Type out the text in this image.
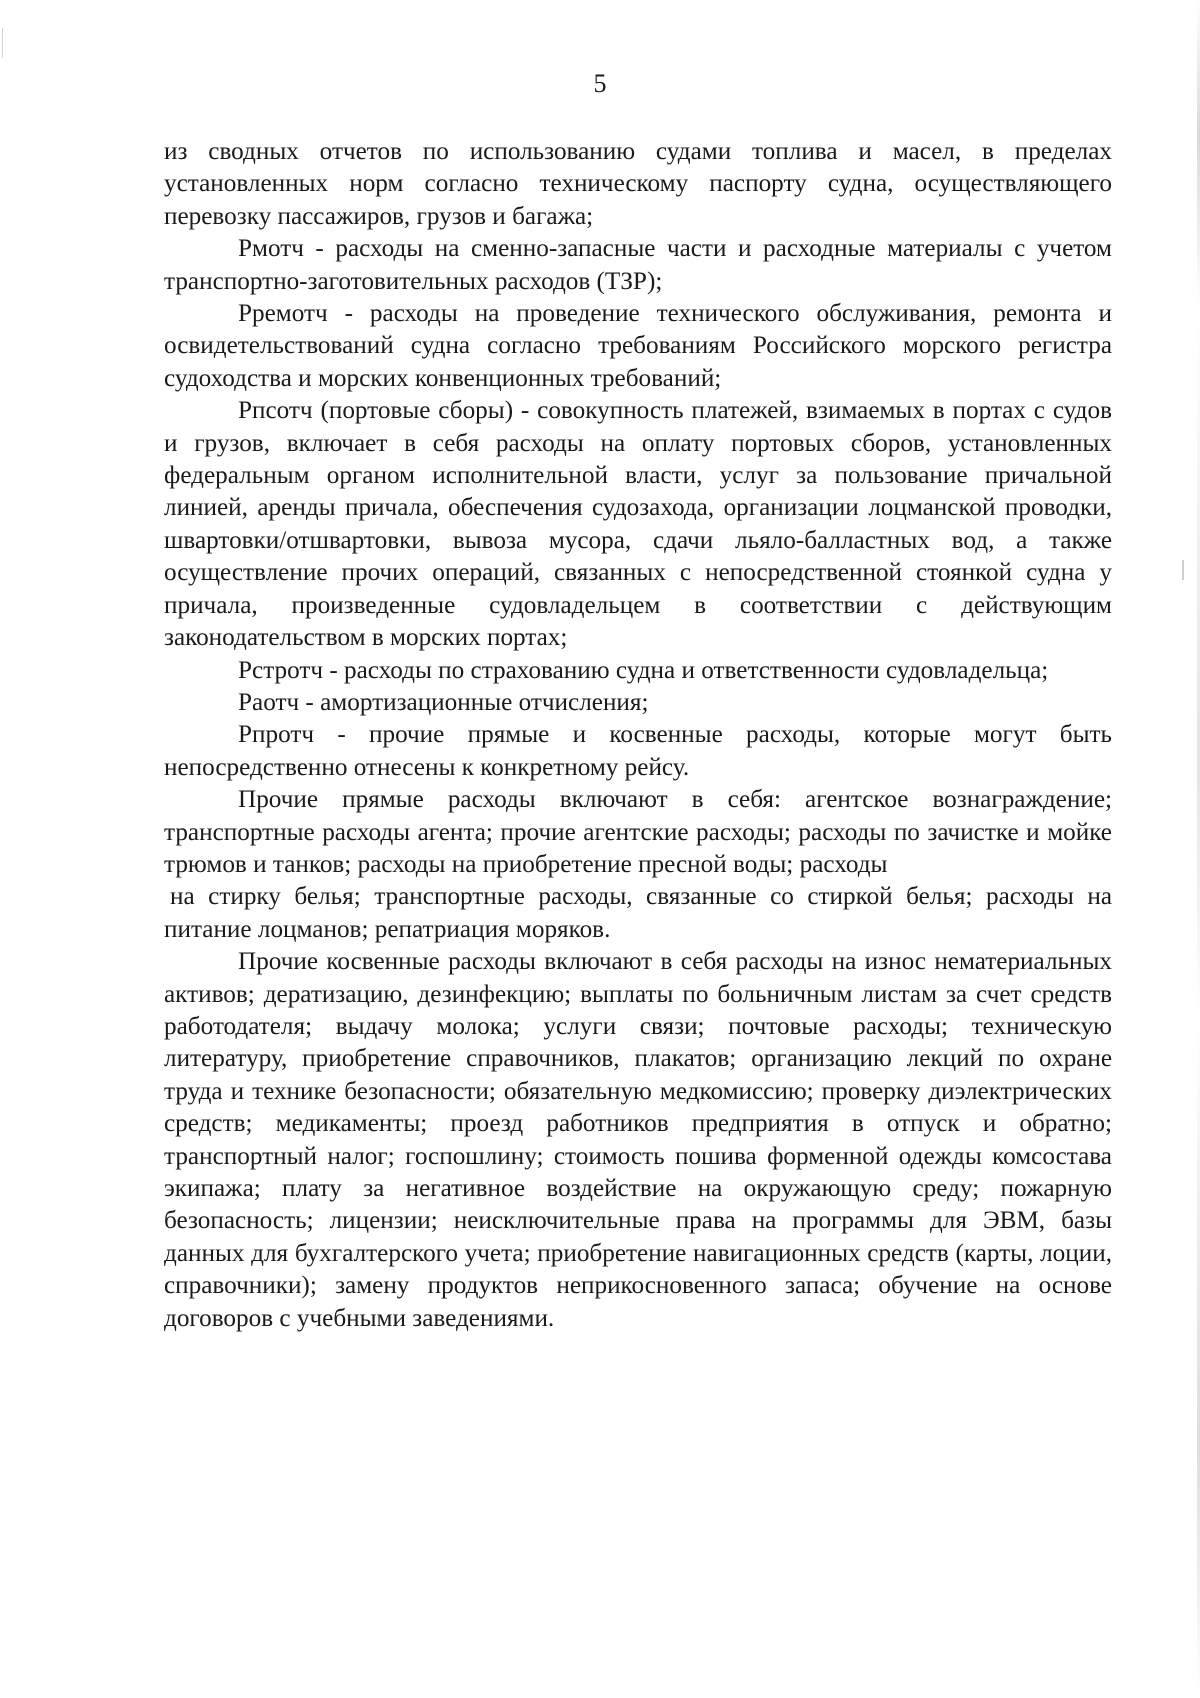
5

из сводных отчетов по использованию судами топлива и масел, в пределах установленных норм согласно техническому паспорту судна, осуществляющего перевозку пассажиров, грузов и багажа;

Рмотч - расходы на сменно-запасные части и расходные материалы с учетом транспортно-заготовительных расходов (ТЗР);

Рремотч - расходы на проведение технического обслуживания, ремонта и освидетельствований судна согласно требованиям Российского морского регистра судоходства и морских конвенционных требований;

Рпсотч (портовые сборы) - совокупность платежей, взимаемых в портах с судов и грузов, включает в себя расходы на оплату портовых сборов, установленных федеральным органом исполнительной власти, услуг за пользование причальной линией, аренды причала, обеспечения судозахода, организации лоцманской проводки, швартовки/отшвартовки, вывоза мусора, сдачи льяло-балластных вод, а также осуществление прочих операций, связанных с непосредственной стоянкой судна у причала, произведенные судовладельцем в соответствии с действующим законодательством в морских портах;

Рстротч - расходы по страхованию судна и ответственности судовладельца;

Раотч - амортизационные отчисления;

Рпротч - прочие прямые и косвенные расходы, которые могут быть непосредственно отнесены к конкретному рейсу.

Прочие прямые расходы включают в себя: агентское вознаграждение; транспортные расходы агента; прочие агентские расходы; расходы по зачистке и мойке трюмов и танков; расходы на приобретение пресной воды; расходы

на стирку белья; транспортные расходы, связанные со стиркой белья; расходы на питание лоцманов; репатриация моряков.

Прочие косвенные расходы включают в себя расходы на износ нематериальных активов; дератизацию, дезинфекцию; выплаты по больничным листам за счет средств работодателя; выдачу молока; услуги связи; почтовые расходы; техническую литературу, приобретение справочников, плакатов; организацию лекций по охране труда и технике безопасности; обязательную медкомиссию; проверку диэлектрических средств; медикаменты; проезд работников предприятия в отпуск и обратно; транспортный налог; госпошлину; стоимость пошива форменной одежды комсостава экипажа; плату за негативное воздействие на окружающую среду; пожарную безопасность; лицензии; неисключительные права на программы для ЭВМ, базы данных для бухгалтерского учета; приобретение навигационных средств (карты, лоции, справочники); замену продуктов неприкосновенного запаса; обучение на основе договоров с учебными заведениями.
